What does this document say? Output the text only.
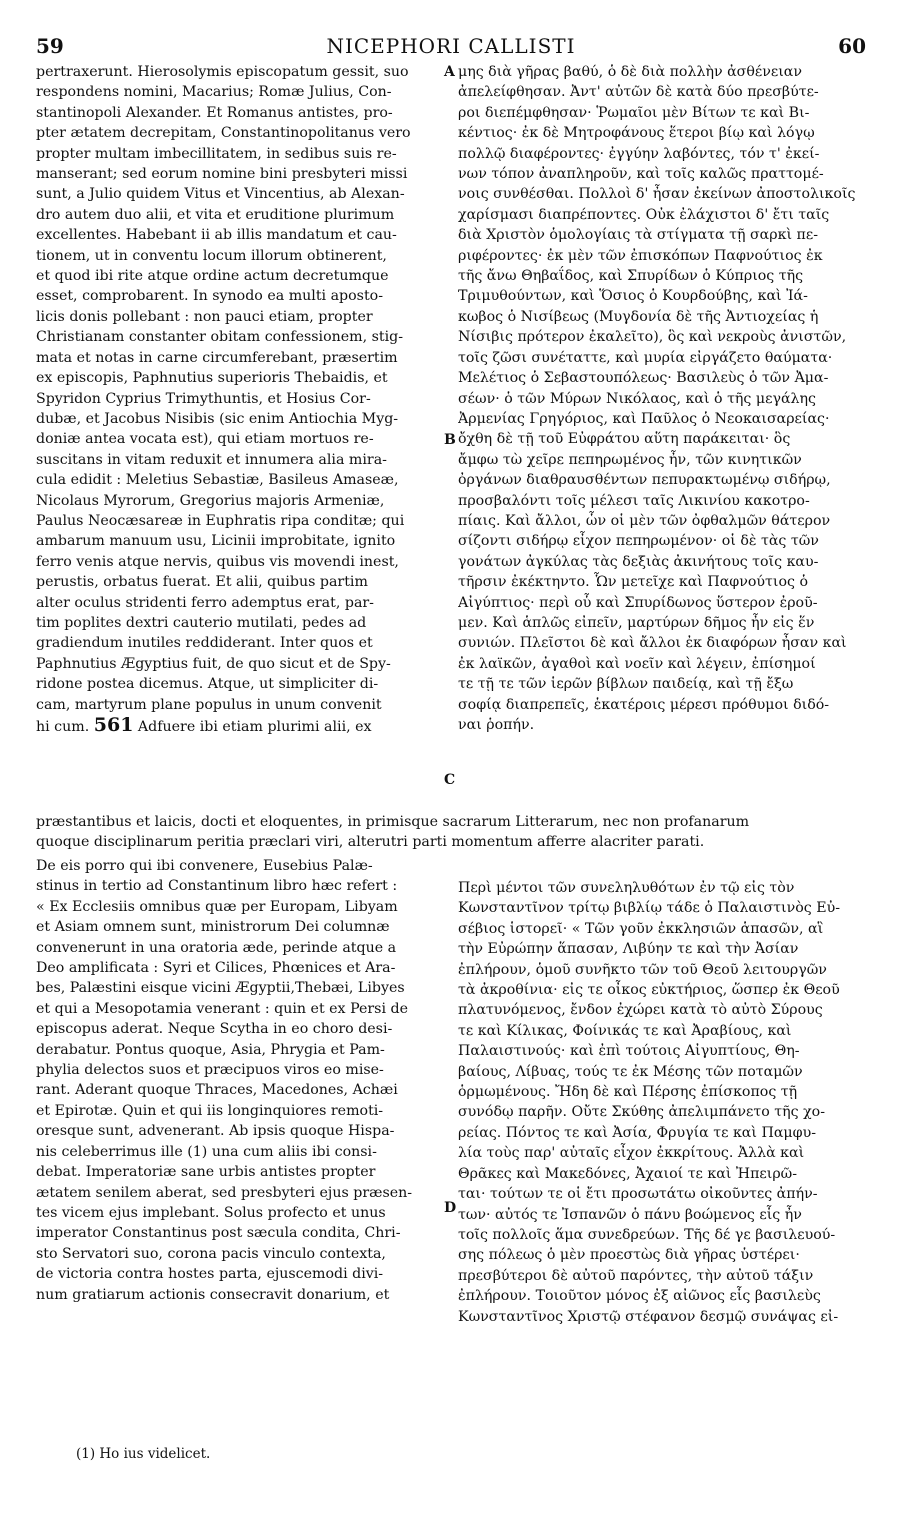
59	NICEPHORI CALLISTI	60
A
B
C
D
pertraxerunt. Hierosolymis episcopatum gessit, suo
respondens nomini, Macarius; Romæ Julius, Con-
stantinopoli Alexander. Et Romanus antistes, pro-
pter ætatem decrepitam, Constantinopolitanus vero
propter multam imbecillitatem, in sedibus suis re-
manserant; sed eorum nomine bini presbyteri missi
sunt, a Julio quidem Vitus et Vincentius, ab Alexan-
dro autem duo alii, et vita et eruditione plurimum
excellentes. Habebant ii ab illis mandatum et cau-
tionem, ut in conventu locum illorum obtinerent,
et quod ibi rite atque ordine actum decretumque
esset, comprobarent. In synodo ea multi aposto-
licis donis pollebant : non pauci etiam, propter
Christianam constanter obitam confessionem, stig-
mata et notas in carne circumferebant, præsertim
ex episcopis, Paphnutius superioris Thebaidis, et
Spyridon Cyprius Trimythuntis, et Hosius Cor-
dubæ, et Jacobus Nisibis (sic enim Antiochia Myg-
doniæ antea vocata est), qui etiam mortuos re-
suscitans in vitam reduxit et innumera alia mira-
cula edidit : Meletius Sebastiæ, Basileus Amaseæ,
Nicolaus Myrorum, Gregorius majoris Armeniæ,
Paulus Neocæsareæ in Euphratis ripa conditæ; qui
ambarum manuum usu, Licinii improbitate, ignito
ferro venis atque nervis, quibus vis movendi inest,
perustis, orbatus fuerat. Et alii, quibus partim
alter oculus stridenti ferro ademptus erat, par-
tim poplites dextri cauterio mutilati, pedes ad
gradiendum inutiles reddiderant. Inter quos et
Paphnutius Ægyptius fuit, de quo sicut et de Spy-
ridone postea dicemus. Atque, ut simpliciter di-
cam, martyrum plane populus in unum convenit
hi cum. 561 Adfuere ibi etiam plurimi alii, ex
μης διὰ γῆρας βαθύ, ὁ δὲ διὰ πολλὴν ἀσθένειαν
ἀπελείφθησαν. Ἀντ' αὐτῶν δὲ κατὰ δύο πρεσβύτε-
ροι διεπέμφθησαν· Ῥωμαῖοι μὲν Βίτων τε καὶ Βι-
κέντιος· ἐκ δὲ Μητροφάνους ἕτεροι βίῳ καὶ λόγῳ
πολλῷ διαφέροντες· ἐγγύην λαβόντες, τόν τ' ἐκεί-
νων τόπον ἀναπληροῦν, καὶ τοῖς καλῶς πραττομέ-
νοις συνθέσθαι. Πολλοὶ δ' ἦσαν ἐκείνων ἀποστολικοῖς
χαρίσμασι διαπρέποντες. Οὐκ ἐλάχιστοι δ' ἔτι ταῖς
διὰ Χριστὸν ὁμολογίαις τὰ στίγματα τῇ σαρκὶ πε-
ριφέροντες· ἐκ μὲν τῶν ἐπισκόπων Παφνούτιος ἐκ
τῆς ἄνω Θηβαΐδος, καὶ Σπυρίδων ὁ Κύπριος τῆς
Τριμυθούντων, καὶ Ὅσιος ὁ Κουρδούβης, καὶ Ἰά-
κωβος ὁ Νισίβεως (Μυγδονία δὲ τῆς Ἀντιοχείας ἡ
Νίσιβις πρότερον ἐκαλεῖτο), ὃς καὶ νεκροὺς ἀνιστῶν,
τοῖς ζῶσι συνέταττε, καὶ μυρία εἰργάζετο θαύματα·
Μελέτιος ὁ Σεβαστουπόλεως· Βασιλεὺς ὁ τῶν Ἀμα-
σέων· ὁ τῶν Μύρων Νικόλαος, καὶ ὁ τῆς μεγάλης
Ἀρμενίας Γρηγόριος, καὶ Παῦλος ὁ Νεοκαισαρείας·
ὄχθη δὲ τῇ τοῦ Εὐφράτου αὕτη παράκειται· ὃς
ἄμφω τὼ χεῖρε πεπηρωμένος ἦν, τῶν κινητικῶν
ὀργάνων διαθραυσθέντων πεπυρακτωμένῳ σιδήρῳ,
προσβαλόντι τοῖς μέλεσι ταῖς Λικινίου κακοτρο-
πίαις. Καὶ ἄλλοι, ὧν οἱ μὲν τῶν ὀφθαλμῶν θάτερον
σίζοντι σιδήρῳ εἶχον πεπηρωμένον· οἱ δὲ τὰς τῶν
γονάτων ἀγκύλας τὰς δεξιὰς ἀκινήτους τοῖς καυ-
τῆρσιν ἐκέκτηντο. Ὧν μετεῖχε καὶ Παφνούτιος ὁ
Αἰγύπτιος· περὶ οὗ καὶ Σπυρίδωνος ὕστερον ἐροῦ-
μεν. Καὶ ἁπλῶς εἰπεῖν, μαρτύρων δῆμος ἦν εἰς ἕν
συνιών. Πλεῖστοι δὲ καὶ ἄλλοι ἐκ διαφόρων ἦσαν καὶ
ἐκ λαϊκῶν, ἀγαθοὶ καὶ νοεῖν καὶ λέγειν, ἐπίσημοί
τε τῇ τε τῶν ἱερῶν βίβλων παιδείᾳ, καὶ τῇ ἔξω
σοφίᾳ διαπρεπεῖς, ἑκατέροις μέρεσι πρόθυμοι διδό-
ναι ῥοπήν.
præstantibus et laicis, docti et eloquentes, in primisque sacrarum Litterarum, nec non profanarum
quoque disciplinarum peritia præclari viri, alterutri parti momentum afferre alacriter parati.
De eis porro qui ibi convenere, Eusebius Palæ-
stinus in tertio ad Constantinum libro hæc refert :
« Ex Ecclesiis omnibus quæ per Europam, Libyam
et Asiam omnem sunt, ministrorum Dei columnæ
convenerunt in una oratoria æde, perinde atque a
Deo amplificata : Syri et Cilices, Phœnices et Ara-
bes, Palæstini eisque vicini Ægyptii,Thebæi, Libyes
et qui a Mesopotamia venerant : quin et ex Persi de
episcopus aderat. Neque Scytha in eo choro desi-
derabatur. Pontus quoque, Asia, Phrygia et Pam-
phylia delectos suos et præcipuos viros eo mise-
rant. Aderant quoque Thraces, Macedones, Achæi
et Epirotæ. Quin et qui iis longinquiores remoti-
oresque sunt, advenerant. Ab ipsis quoque Hispa-
nis celeberrimus ille (1) una cum aliis ibi consi-
debat. Imperatoriæ sane urbis antistes propter
ætatem senilem aberat, sed presbyteri ejus præsen-
tes vicem ejus implebant. Solus profecto et unus
imperator Constantinus post sæcula condita, Chri-
sto Servatori suo, corona pacis vinculo contexta,
de victoria contra hostes parta, ejuscemodi divi-
num gratiarum actionis consecravit donarium, et
Περὶ μέντοι τῶν συνεληλυθότων ἐν τῷ εἰς τὸν
Κωνσταντῖνον τρίτῳ βιβλίῳ τάδε ὁ Παλαιστινὸς Εὐ-
σέβιος ἱστορεῖ· « Τῶν γοῦν ἐκκλησιῶν ἁπασῶν, αἳ
τὴν Εὐρώπην ἅπασαν, Λιβύην τε καὶ τὴν Ἀσίαν
ἐπλήρουν, ὁμοῦ συνῆκτο τῶν τοῦ Θεοῦ λειτουργῶν
τὰ ἀκροθίνια· εἰς τε οἶκος εὐκτήριος, ὥσπερ ἐκ Θεοῦ
πλατυνόμενος, ἔνδον ἐχώρει κατὰ τὸ αὐτὸ Σύρους
τε καὶ Κίλικας, Φοίνικάς τε καὶ Ἀραβίους, καὶ
Παλαιστινούς· καὶ ἐπὶ τούτοις Αἰγυπτίους, Θη-
βαίους, Λίβυας, τούς τε ἐκ Μέσης τῶν ποταμῶν
ὁρμωμένους. Ἤδη δὲ καὶ Πέρσης ἐπίσκοπος τῇ
συνόδῳ παρῆν. Οὔτε Σκύθης ἀπελιμπάνετο τῆς χο-
ρείας. Πόντος τε καὶ Ἀσία, Φρυγία τε καὶ Παμφυ-
λία τοὺς παρ' αὐταῖς εἶχον ἐκκρίτους. Ἀλλὰ καὶ
Θρᾶκες καὶ Μακεδόνες, Ἀχαιοί τε καὶ Ἠπειρῶ-
ται· τούτων τε οἱ ἔτι προσωτάτω οἰκοῦντες ἀπήν-
των· αὐτός τε Ἰσπανῶν ὁ πάνυ βοώμενος εἷς ἦν
τοῖς πολλοῖς ἅμα συνεδρεύων. Τῆς δέ γε βασιλευού-
σης πόλεως ὁ μὲν προεστὼς διὰ γῆρας ὑστέρει·
πρεσβύτεροι δὲ αὐτοῦ παρόντες, τὴν αὐτοῦ τάξιν
ἐπλήρουν. Τοιοῦτον μόνος ἐξ αἰῶνος εἷς βασιλεὺς
Κωνσταντῖνος Χριστῷ στέφανον δεσμῷ συνάψας εἰ-
(1) Ho ius videlicet.
